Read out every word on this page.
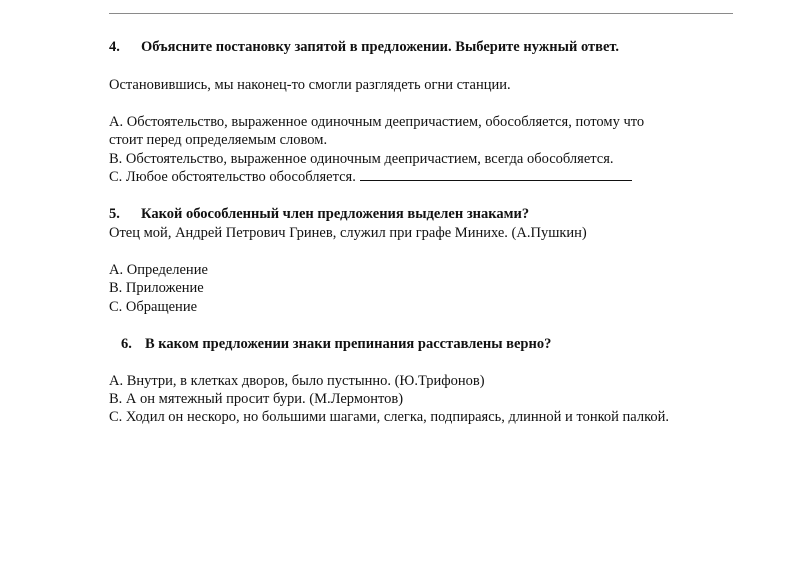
4. Объясните постановку запятой в предложении. Выберите нужный ответ.
Остановившись, мы наконец-то смогли разглядеть огни станции.
А. Обстоятельство, выраженное одиночным деепричастием, обособляется, потому что
стоит перед определяемым словом.
В. Обстоятельство, выраженное одиночным деепричастием, всегда обособляется.
С. Любое обстоятельство обособляется.
5. Какой обособленный член предложения выделен знаками?
Отец мой, Андрей Петрович Гринев, служил при графе Минихе. (А.Пушкин)
А. Определение
В. Приложение
С. Обращение
6. В каком предложении знаки препинания расставлены верно?
А. Внутри, в клетках дворов, было пустынно. (Ю.Трифонов)
В. А он мятежный просит бури. (М.Лермонтов)
С. Ходил он нескоро, но большими шагами, слегка, подпираясь, длинной и тонкой палкой.
